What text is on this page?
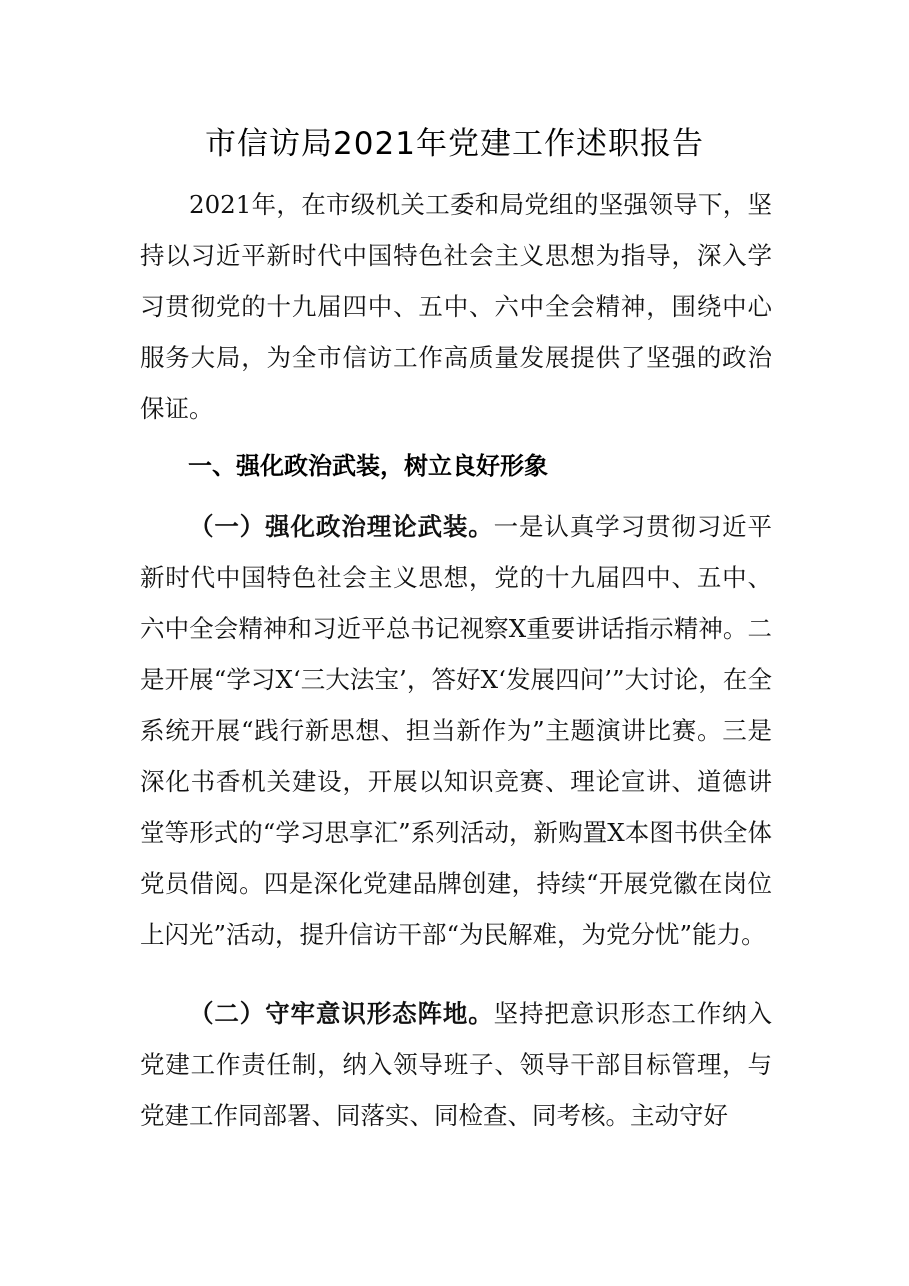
市信访局2021年党建工作述职报告

2021年，在市级机关工委和局党组的坚强领导下，坚持以习近平新时代中国特色社会主义思想为指导，深入学习贯彻党的十九届四中、五中、六中全会精神，围绕中心服务大局，为全市信访工作高质量发展提供了坚强的政治保证。

一、强化政治武装，树立良好形象

（一）强化政治理论武装。一是认真学习贯彻习近平新时代中国特色社会主义思想，党的十九届四中、五中、六中全会精神和习近平总书记视察X重要讲话指示精神。二是开展“学习X‘三大法宝’，答好X‘发展四问’”大讨论，在全系统开展“践行新思想、担当新作为”主题演讲比赛。三是深化书香机关建设，开展以知识竞赛、理论宣讲、道德讲堂等形式的“学习思享汇”系列活动，新购置X本图书供全体党员借阅。四是深化党建品牌创建，持续“开展党徽在岗位上闪光”活动，提升信访干部“为民解难，为党分忧”能力。

（二）守牢意识形态阵地。坚持把意识形态工作纳入党建工作责任制，纳入领导班子、领导干部目标管理，与党建工作同部署、同落实、同检查、同考核。主动守好
